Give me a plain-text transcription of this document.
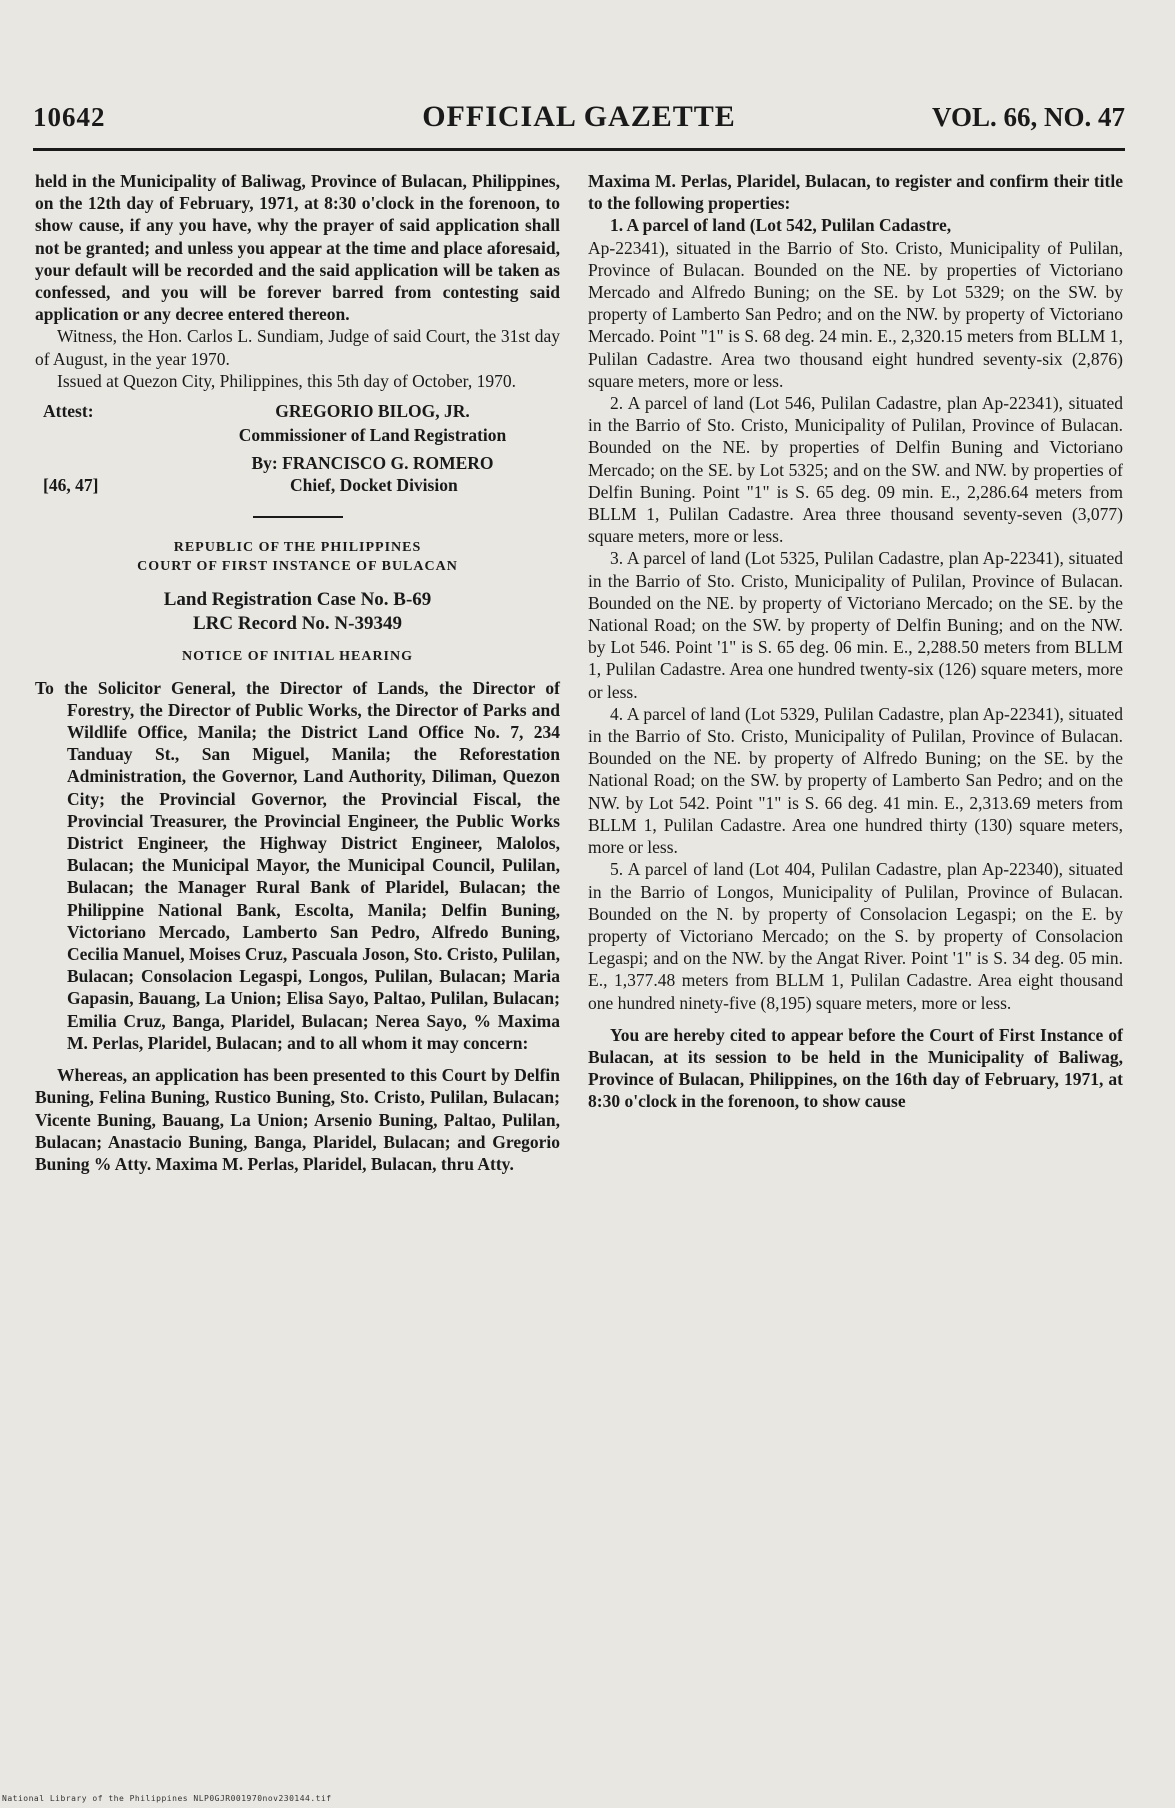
10642	OFFICIAL GAZETTE	VOL. 66, NO. 47

held in the Municipality of Baliwag, Province of Bulacan, Philippines, on the 12th day of February, 1971, at 8:30 o'clock in the forenoon, to show cause, if any you have, why the prayer of said application shall not be granted; and unless you appear at the time and place aforesaid, your default will be recorded and the said application will be taken as confessed, and you will be forever barred from contesting said application or any decree entered thereon.

Witness, the Hon. Carlos L. Sundiam, Judge of said Court, the 31st day of August, in the year 1970.

Issued at Quezon City, Philippines, this 5th day of October, 1970.

Attest:	GREGORIO BILOG, JR.
Commissioner of Land Registration
By: FRANCISCO G. ROMERO
[46, 47]	Chief, Docket Division
REPUBLIC OF THE PHILIPPINES
COURT OF FIRST INSTANCE OF BULACAN
Land Registration Case No. B-69
LRC Record No. N-39349
NOTICE OF INITIAL HEARING

To the Solicitor General, the Director of Lands, the Director of Forestry, the Director of Public Works, the Director of Parks and Wildlife Office, Manila; the District Land Office No. 7, 234 Tanduay St., San Miguel, Manila; the Reforestation Administration, the Governor, Land Authority, Diliman, Quezon City; the Provincial Governor, the Provincial Fiscal, the Provincial Treasurer, the Provincial Engineer, the Public Works District Engineer, the Highway District Engineer, Malolos, Bulacan; the Municipal Mayor, the Municipal Council, Pulilan, Bulacan; the Manager Rural Bank of Plaridel, Bulacan; the Philippine National Bank, Escolta, Manila; Delfin Buning, Victoriano Mercado, Lamberto San Pedro, Alfredo Buning, Cecilia Manuel, Moises Cruz, Pascuala Joson, Sto. Cristo, Pulilan, Bulacan; Consolacion Legaspi, Longos, Pulilan, Bulacan; Maria Gapasin, Bauang, La Union; Elisa Sayo, Paltao, Pulilan, Bulacan; Emilia Cruz, Banga, Plaridel, Bulacan; Nerea Sayo, % Maxima M. Perlas, Plaridel, Bulacan; and to all whom it may concern:

Whereas, an application has been presented to this Court by Delfin Buning, Felina Buning, Rustico Buning, Sto. Cristo, Pulilan, Bulacan; Vicente Buning, Bauang, La Union; Arsenio Buning, Paltao, Pulilan, Bulacan; Anastacio Buning, Banga, Plaridel, Bulacan; and Gregorio Buning % Atty. Maxima M. Perlas, Plaridel, Bulacan, thru Atty.

Maxima M. Perlas, Plaridel, Bulacan, to register and confirm their title to the following properties:

1. A parcel of land (Lot 542, Pulilan Cadastre,

Ap-22341), situated in the Barrio of Sto. Cristo, Municipality of Pulilan, Province of Bulacan. Bounded on the NE. by properties of Victoriano Mercado and Alfredo Buning; on the SE. by Lot 5329; on the SW. by property of Lamberto San Pedro; and on the NW. by property of Victoriano Mercado. Point "1" is S. 68 deg. 24 min. E., 2,320.15 meters from BLLM 1, Pulilan Cadastre. Area two thousand eight hundred seventy-six (2,876) square meters, more or less.

2. A parcel of land (Lot 546, Pulilan Cadastre, plan Ap-22341), situated in the Barrio of Sto. Cristo, Municipality of Pulilan, Province of Bulacan. Bounded on the NE. by properties of Delfin Buning and Victoriano Mercado; on the SE. by Lot 5325; and on the SW. and NW. by properties of Delfin Buning. Point "1" is S. 65 deg. 09 min. E., 2,286.64 meters from BLLM 1, Pulilan Cadastre. Area three thousand seventy-seven (3,077) square meters, more or less.

3. A parcel of land (Lot 5325, Pulilan Cadastre, plan Ap-22341), situated in the Barrio of Sto. Cristo, Municipality of Pulilan, Province of Bulacan. Bounded on the NE. by property of Victoriano Mercado; on the SE. by the National Road; on the SW. by property of Delfin Buning; and on the NW. by Lot 546. Point '1" is S. 65 deg. 06 min. E., 2,288.50 meters from BLLM 1, Pulilan Cadastre. Area one hundred twenty-six (126) square meters, more or less.

4. A parcel of land (Lot 5329, Pulilan Cadastre, plan Ap-22341), situated in the Barrio of Sto. Cristo, Municipality of Pulilan, Province of Bulacan. Bounded on the NE. by property of Alfredo Buning; on the SE. by the National Road; on the SW. by property of Lamberto San Pedro; and on the NW. by Lot 542. Point "1" is S. 66 deg. 41 min. E., 2,313.69 meters from BLLM 1, Pulilan Cadastre. Area one hundred thirty (130) square meters, more or less.

5. A parcel of land (Lot 404, Pulilan Cadastre, plan Ap-22340), situated in the Barrio of Longos, Municipality of Pulilan, Province of Bulacan. Bounded on the N. by property of Consolacion Legaspi; on the E. by property of Victoriano Mercado; on the S. by property of Consolacion Legaspi; and on the NW. by the Angat River. Point '1" is S. 34 deg. 05 min. E., 1,377.48 meters from BLLM 1, Pulilan Cadastre. Area eight thousand one hundred ninety-five (8,195) square meters, more or less.

You are hereby cited to appear before the Court of First Instance of Bulacan, at its session to be held in the Municipality of Baliwag, Province of Bulacan, Philippines, on the 16th day of February, 1971, at 8:30 o'clock in the forenoon, to show cause

National Library of the Philippines NLP0GJR001970nov230144.tif
